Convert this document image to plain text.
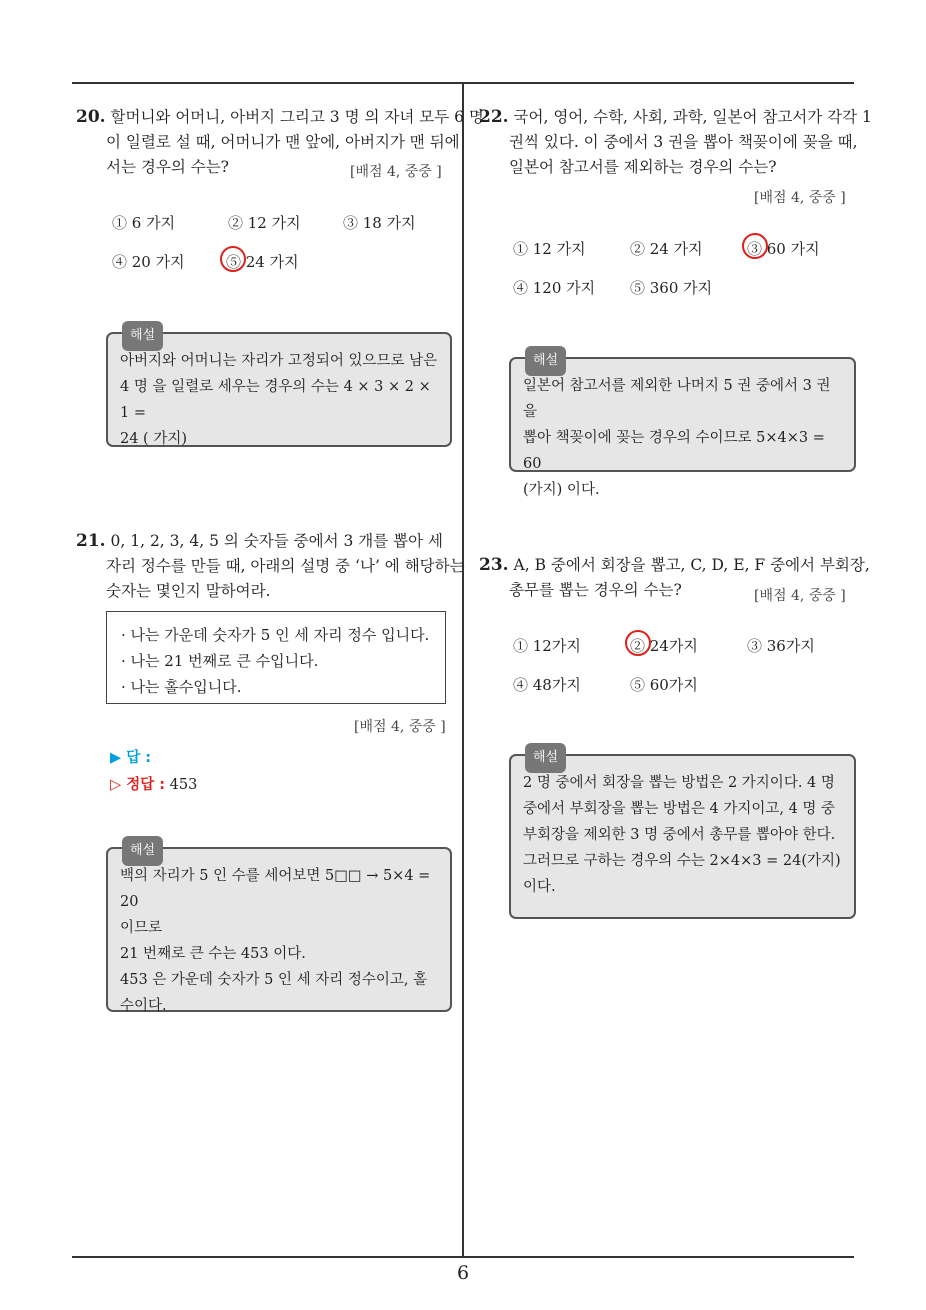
20. 할머니와 어머니, 아버지 그리고 3 명 의 자녀 모두 6 명
이 일렬로 설 때, 어머니가 맨 앞에, 아버지가 맨 뒤에
서는 경우의 수는?	[배점 4, 중중 ]
① 6 가지	② 12 가지	③ 18 가지
④ 20 가지	⑤ 24 가지
해설
아버지와 어머니는 자리가 고정되어 있으므로 남은
4 명 을 일렬로 세우는 경우의 수는 4 × 3 × 2 × 1 =
24 ( 가지)
21. 0, 1, 2, 3, 4, 5 의 숫자들 중에서 3 개를 뽑아 세
자리 정수를 만들 때, 아래의 설명 중 ‘나’ 에 해당하는
숫자는 몇인지 말하여라.
· 나는 가운데 숫자가 5 인 세 자리 정수 입니다.
· 나는 21 번째로 큰 수입니다.
· 나는 홀수입니다.
[배점 4, 중중 ]
▶ 답 :
▷ 정답 : 453
해설
백의 자리가 5 인 수를 세어보면 5□□ → 5×4 = 20
이므로
21 번째로 큰 수는 453 이다.
453 은 가운데 숫자가 5 인 세 자리 정수이고, 홀
수이다.
22. 국어, 영어, 수학, 사회, 과학, 일본어 참고서가 각각 1
권씩 있다. 이 중에서 3 권을 뽑아 책꽂이에 꽂을 때,
일본어 참고서를 제외하는 경우의 수는?
[배점 4, 중중 ]
① 12 가지	② 24 가지	③ 60 가지
④ 120 가지 ⑤ 360 가지
해설
일본어 참고서를 제외한 나머지 5 권 중에서 3 권을
뽑아 책꽂이에 꽂는 경우의 수이므로 5×4×3 = 60
(가지) 이다.
23. A, B 중에서 회장을 뽑고, C, D, E, F 중에서 부회장,
총무를 뽑는 경우의 수는?	[배점 4, 중중 ]
① 12가지	② 24가지	③ 36가지
④ 48가지	⑤ 60가지
해설
2 명 중에서 회장을 뽑는 방법은 2 가지이다. 4 명
중에서 부회장을 뽑는 방법은 4 가지이고, 4 명 중
부회장을 제외한 3 명 중에서 총무를 뽑아야 한다.
그러므로 구하는 경우의 수는 2×4×3 = 24(가지)
이다.
6
